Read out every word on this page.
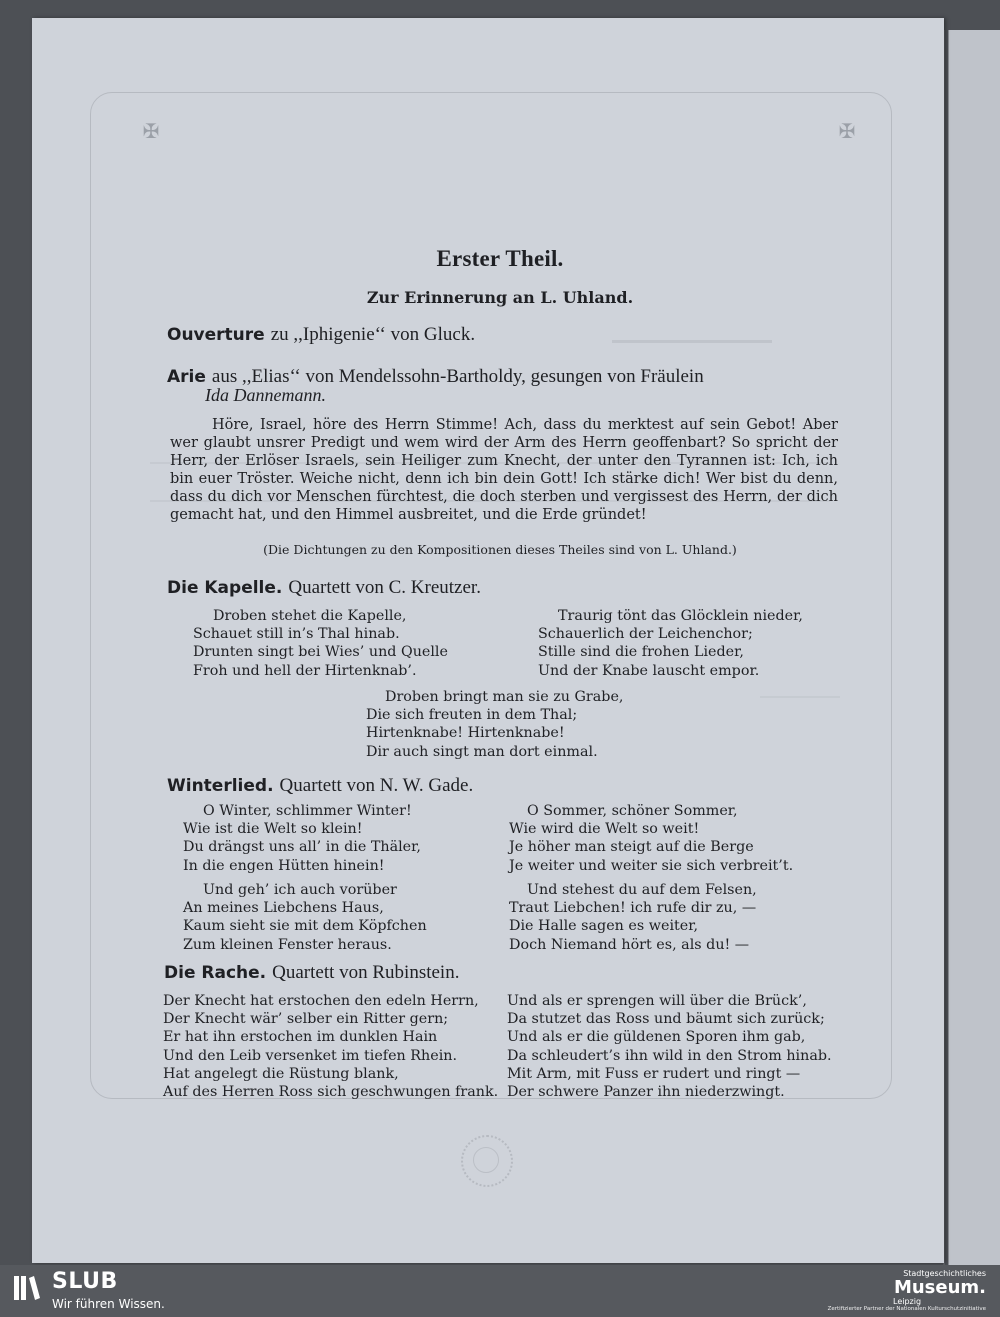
✠	✠
Erster Theil.
Zur Erinnerung an L. Uhland.
Ouverture zu ,,Iphigenie‘‘ von Gluck.
Arie aus ,,Elias‘‘ von Mendelssohn-Bartholdy, gesungen von Fräulein
Ida Dannemann.
Höre, Israel, höre des Herrn Stimme! Ach, dass du merktest auf sein Gebot! Aber wer glaubt unsrer Predigt und wem wird der Arm des Herrn geoffenbart? So spricht der Herr, der Erlöser Israels, sein Heiliger zum Knecht, der unter den Tyrannen ist: Ich, ich bin euer Tröster. Weiche nicht, denn ich bin dein Gott! Ich stärke dich! Wer bist du denn, dass du dich vor Menschen fürchtest, die doch sterben und vergissest des Herrn, der dich gemacht hat, und den Himmel ausbreitet, und die Erde gründet!
(Die Dichtungen zu den Kompositionen dieses Theiles sind von L. Uhland.)
Die Kapelle. Quartett von C. Kreutzer.
Droben stehet die Kapelle,
Schauet still in’s Thal hinab.
Drunten singt bei Wies’ und Quelle
Froh und hell der Hirtenknab’.
Traurig tönt das Glöcklein nieder,
Schauerlich der Leichenchor;
Stille sind die frohen Lieder,
Und der Knabe lauscht empor.
Droben bringt man sie zu Grabe,
Die sich freuten in dem Thal;
Hirtenknabe! Hirtenknabe!
Dir auch singt man dort einmal.
Winterlied. Quartett von N. W. Gade.
O Winter, schlimmer Winter!
Wie ist die Welt so klein!
Du drängst uns all’ in die Thäler,
In die engen Hütten hinein!
Und geh’ ich auch vorüber
An meines Liebchens Haus,
Kaum sieht sie mit dem Köpfchen
Zum kleinen Fenster heraus.
O Sommer, schöner Sommer,
Wie wird die Welt so weit!
Je höher man steigt auf die Berge
Je weiter und weiter sie sich verbreit’t.
Und stehest du auf dem Felsen,
Traut Liebchen! ich rufe dir zu, —
Die Halle sagen es weiter,
Doch Niemand hört es, als du! —
Die Rache. Quartett von Rubinstein.
Der Knecht hat erstochen den edeln Herrn,
Der Knecht wär’ selber ein Ritter gern;
Er hat ihn erstochen im dunklen Hain
Und den Leib versenket im tiefen Rhein.
Hat angelegt die Rüstung blank,
Auf des Herren Ross sich geschwungen frank.
Und als er sprengen will über die Brück’,
Da stutzet das Ross und bäumt sich zurück;
Und als er die güldenen Sporen ihm gab,
Da schleudert’s ihn wild in den Strom hinab.
Mit Arm, mit Fuss er rudert und ringt —
Der schwere Panzer ihn niederzwingt.
SLUB
Wir führen Wissen.
Stadtgeschichtliches
Museum.
Leipzig
Zertifizierter Partner der Nationalen Kulturschutzinitiative
